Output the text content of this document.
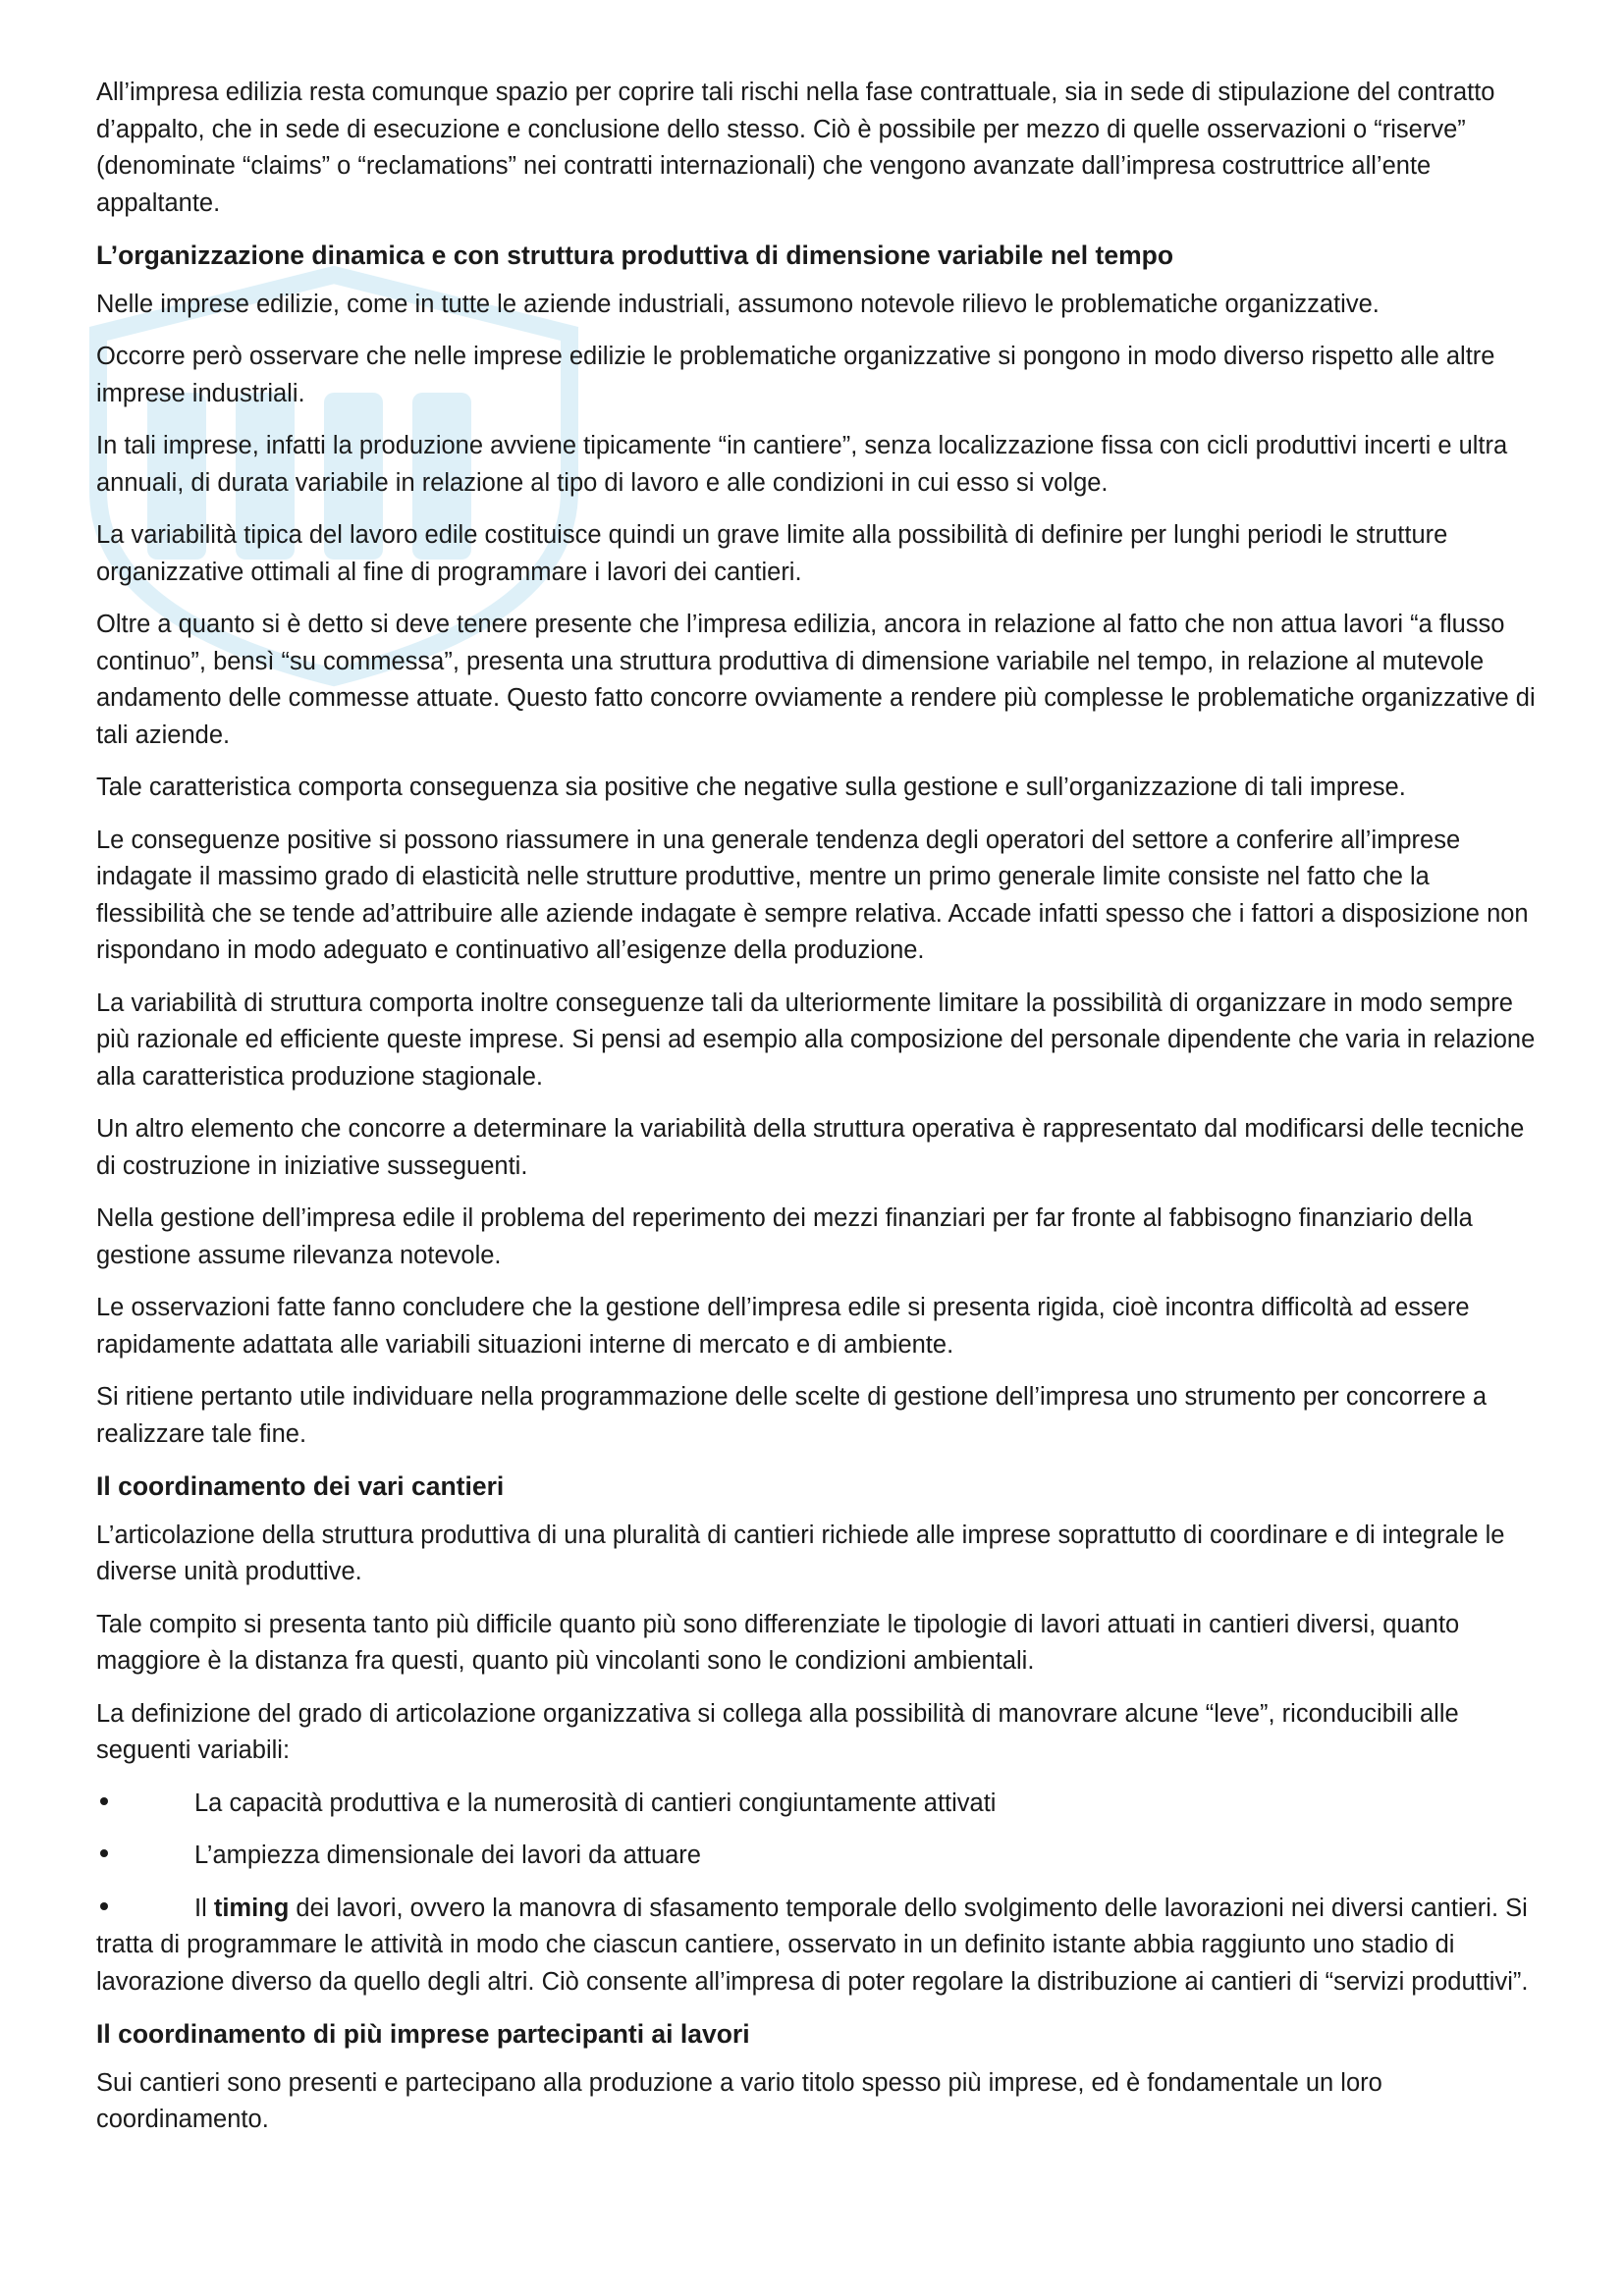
All’impresa edilizia resta comunque spazio per coprire tali rischi nella fase contrattuale, sia in sede di stipulazione del contratto d’appalto, che in sede di esecuzione e conclusione dello stesso. Ciò è possibile per mezzo di quelle osservazioni o “riserve” (denominate “claims” o “reclamations” nei contratti internazionali) che vengono avanzate dall’impresa costruttrice all’ente appaltante.

L’organizzazione dinamica e con struttura produttiva di dimensione variabile nel tempo

Nelle imprese edilizie, come in tutte le aziende industriali, assumono notevole rilievo le problematiche organizzative.

Occorre però osservare che nelle imprese edilizie le problematiche organizzative si pongono in modo diverso rispetto alle altre imprese industriali.

In tali imprese, infatti la produzione avviene tipicamente “in cantiere”, senza localizzazione fissa con cicli produttivi incerti e ultra annuali, di durata variabile in relazione al tipo di lavoro e alle condizioni in cui esso si volge.

La variabilità tipica del lavoro edile costituisce quindi un grave limite alla possibilità di definire per lunghi periodi le strutture organizzative ottimali al fine di programmare i lavori dei cantieri.

Oltre a quanto si è detto si deve tenere presente che l’impresa edilizia, ancora in relazione al fatto che non attua lavori “a flusso continuo”, bensì “su commessa”, presenta una struttura produttiva di dimensione variabile nel tempo, in relazione al mutevole andamento delle commesse attuate. Questo fatto concorre ovviamente a rendere più complesse le problematiche organizzative di tali aziende.

Tale caratteristica comporta conseguenza sia positive che negative sulla gestione e sull’organizzazione di tali imprese.

Le conseguenze positive si possono riassumere in una generale tendenza degli operatori del settore a conferire all’imprese indagate il massimo grado di elasticità nelle strutture produttive, mentre un primo generale limite consiste nel fatto che la flessibilità che se tende ad’attribuire alle aziende indagate è sempre relativa. Accade infatti spesso che i fattori a disposizione non rispondano in modo adeguato e continuativo all’esigenze della produzione.

La variabilità di struttura comporta inoltre conseguenze tali da ulteriormente limitare la possibilità di organizzare in modo sempre più razionale ed efficiente queste imprese. Si pensi ad esempio alla composizione del personale dipendente che varia in relazione alla caratteristica produzione stagionale.

Un altro elemento che concorre a determinare la variabilità della struttura operativa è rappresentato dal modificarsi delle tecniche di costruzione in iniziative susseguenti.

Nella gestione dell’impresa edile il problema del reperimento dei mezzi finanziari per far fronte al fabbisogno finanziario della gestione assume rilevanza notevole.

Le osservazioni fatte fanno concludere che la gestione dell’impresa edile si presenta rigida, cioè incontra difficoltà ad essere rapidamente adattata alle variabili situazioni interne di mercato e di ambiente.

Si ritiene pertanto utile individuare nella programmazione delle scelte di gestione dell’impresa uno strumento per concorrere a realizzare tale fine.

Il coordinamento dei vari cantieri

L’articolazione della struttura produttiva di una pluralità di cantieri richiede alle imprese soprattutto di coordinare e di integrale le diverse unità produttive.

Tale compito si presenta tanto più difficile quanto più sono differenziate le tipologie di lavori attuati in cantieri diversi, quanto maggiore è la distanza fra questi, quanto più vincolanti sono le condizioni ambientali.

La definizione del grado di articolazione organizzativa si collega alla possibilità di manovrare alcune “leve”, riconducibili alle seguenti variabili:

La capacità produttiva e la numerosità di cantieri congiuntamente attivati

L’ampiezza dimensionale dei lavori da attuare

Il timing dei lavori, ovvero la manovra di sfasamento temporale dello svolgimento delle lavorazioni nei diversi cantieri. Si tratta di programmare le attività in modo che ciascun cantiere, osservato in un definito istante abbia raggiunto uno stadio di lavorazione diverso da quello degli altri. Ciò consente all’impresa di poter regolare la distribuzione ai cantieri di “servizi produttivi”.

Il coordinamento di più imprese partecipanti ai lavori

Sui cantieri sono presenti e partecipano alla produzione a vario titolo spesso più imprese, ed è fondamentale un loro coordinamento.
